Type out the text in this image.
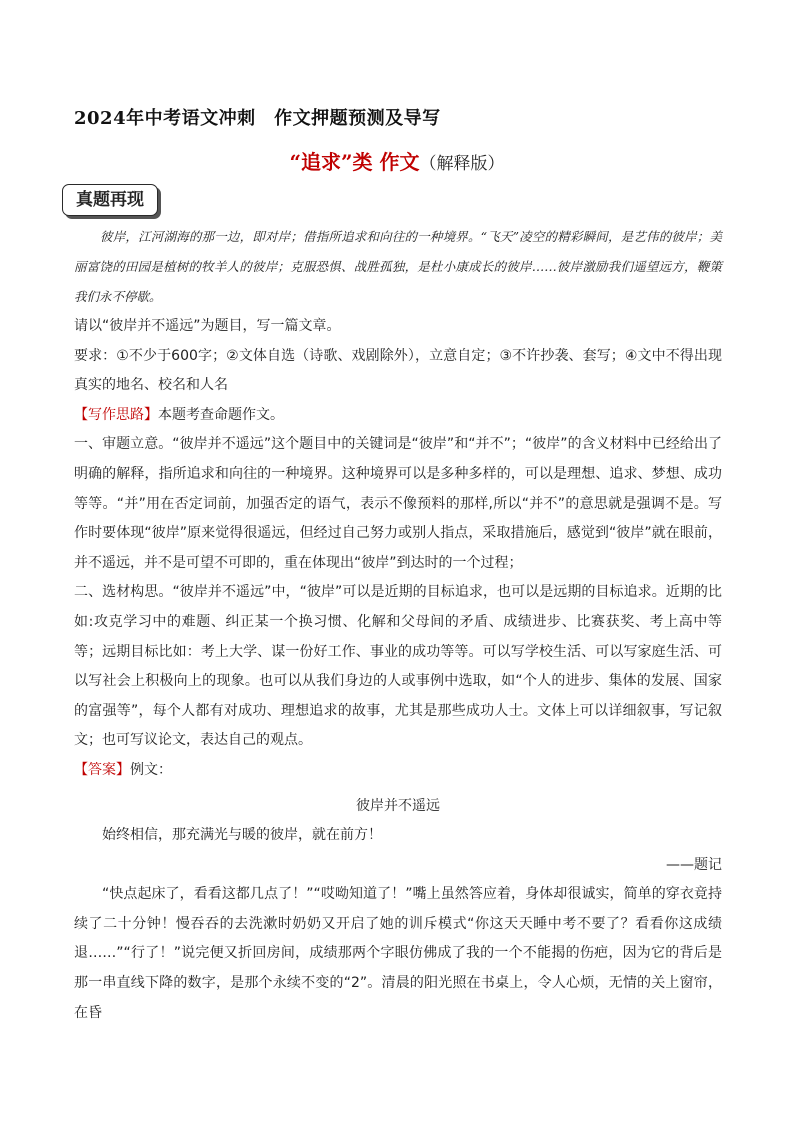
2024年中考语文冲刺　作文押题预测及导写
“追求”类 作文（解释版）
真题再现

彼岸，江河湖海的那一边，即对岸；借指所追求和向往的一种境界。“飞天”凌空的精彩瞬间，是艺伟的彼岸；美丽富饶的田园是植树的牧羊人的彼岸；克服恐惧、战胜孤独，是杜小康成长的彼岸……彼岸激励我们遥望远方，鞭策我们永不停歇。

请以“彼岸并不遥远”为题目，写一篇文章。

要求：①不少于600字；②文体自选（诗歌、戏剧除外），立意自定；③不许抄袭、套写；④文中不得出现真实的地名、校名和人名

【写作思路】本题考查命题作文。

一、审题立意。“彼岸并不遥远”这个题目中的关键词是“彼岸”和“并不”；“彼岸”的含义材料中已经给出了明确的解释，指所追求和向往的一种境界。这种境界可以是多种多样的，可以是理想、追求、梦想、成功等等。“并”用在否定词前，加强否定的语气，表示不像预料的那样,所以“并不”的意思就是强调不是。写作时要体现“彼岸”原来觉得很遥远，但经过自己努力或别人指点，采取措施后，感觉到“彼岸”就在眼前，并不遥远，并不是可望不可即的，重在体现出“彼岸”到达时的一个过程；

二、选材构思。“彼岸并不遥远”中，“彼岸”可以是近期的目标追求，也可以是远期的目标追求。近期的比如:攻克学习中的难题、纠正某一个换习惯、化解和父母间的矛盾、成绩进步、比赛获奖、考上高中等等；远期目标比如：考上大学、谋一份好工作、事业的成功等等。可以写学校生活、可以写家庭生活、可以写社会上积极向上的现象。也可以从我们身边的人或事例中选取，如“个人的进步、集体的发展、国家的富强等”，每个人都有对成功、理想追求的故事，尤其是那些成功人士。文体上可以详细叙事，写记叙文；也可写议论文，表达自己的观点。

【答案】例文：

彼岸并不遥远

始终相信，那充满光与暖的彼岸，就在前方！

——题记

“快点起床了，看看这都几点了！”“哎呦知道了！”嘴上虽然答应着，身体却很诚实，简单的穿衣竟持续了二十分钟！慢吞吞的去洗漱时奶奶又开启了她的训斥模式“你这天天睡中考不要了？看看你这成绩退……”“行了！”说完便又折回房间，成绩那两个字眼仿佛成了我的一个不能揭的伤疤，因为它的背后是那一串直线下降的数字，是那个永续不变的“2”。清晨的阳光照在书桌上，令人心烦，无情的关上窗帘，在昏
